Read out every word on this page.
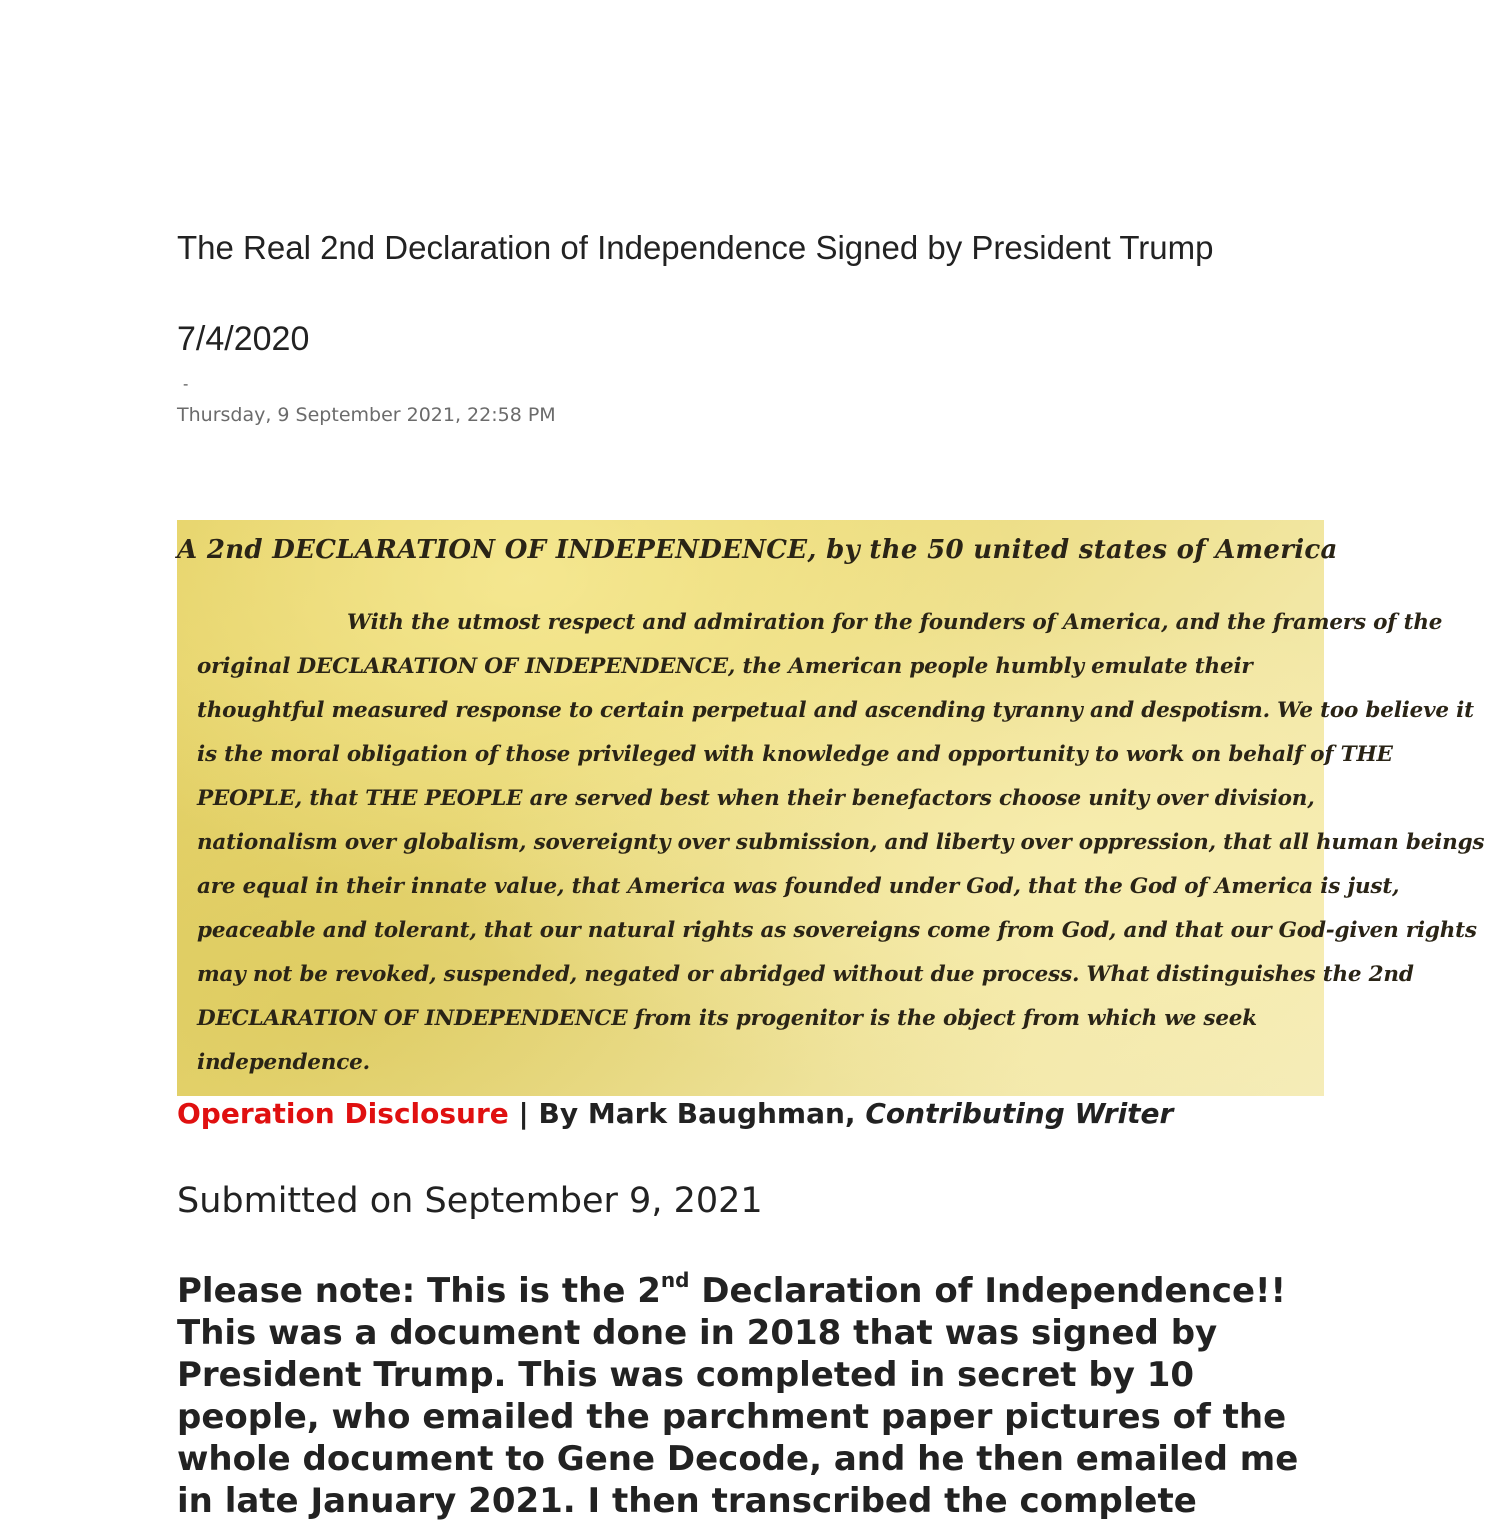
The Real 2nd Declaration of Independence Signed by President Trump
7/4/2020
-
Thursday, 9 September 2021, 22:58 PM
A 2nd DECLARATION OF INDEPENDENCE, by the 50 united states of America
With the utmost respect and admiration for the founders of America, and the framers of the
original DECLARATION OF INDEPENDENCE, the American people humbly emulate their
thoughtful measured response to certain perpetual and ascending tyranny and despotism. We too believe it
is the moral obligation of those privileged with knowledge and opportunity to work on behalf of THE
PEOPLE, that THE PEOPLE are served best when their benefactors choose unity over division,
nationalism over globalism, sovereignty over submission, and liberty over oppression, that all human beings
are equal in their innate value, that America was founded under God, that the God of America is just,
peaceable and tolerant, that our natural rights as sovereigns come from God, and that our God-given rights
may not be revoked, suspended, negated or abridged without due process. What distinguishes the 2nd
DECLARATION OF INDEPENDENCE from its progenitor is the object from which we seek
independence.
Operation Disclosure | By Mark Baughman, Contributing Writer
Submitted on September 9, 2021
Please note: This is the 2nd Declaration of Independence!!
This was a document done in 2018 that was signed by
President Trump. This was completed in secret by 10
people, who emailed the parchment paper pictures of the
whole document to Gene Decode, and he then emailed me
in late January 2021. I then transcribed the complete
